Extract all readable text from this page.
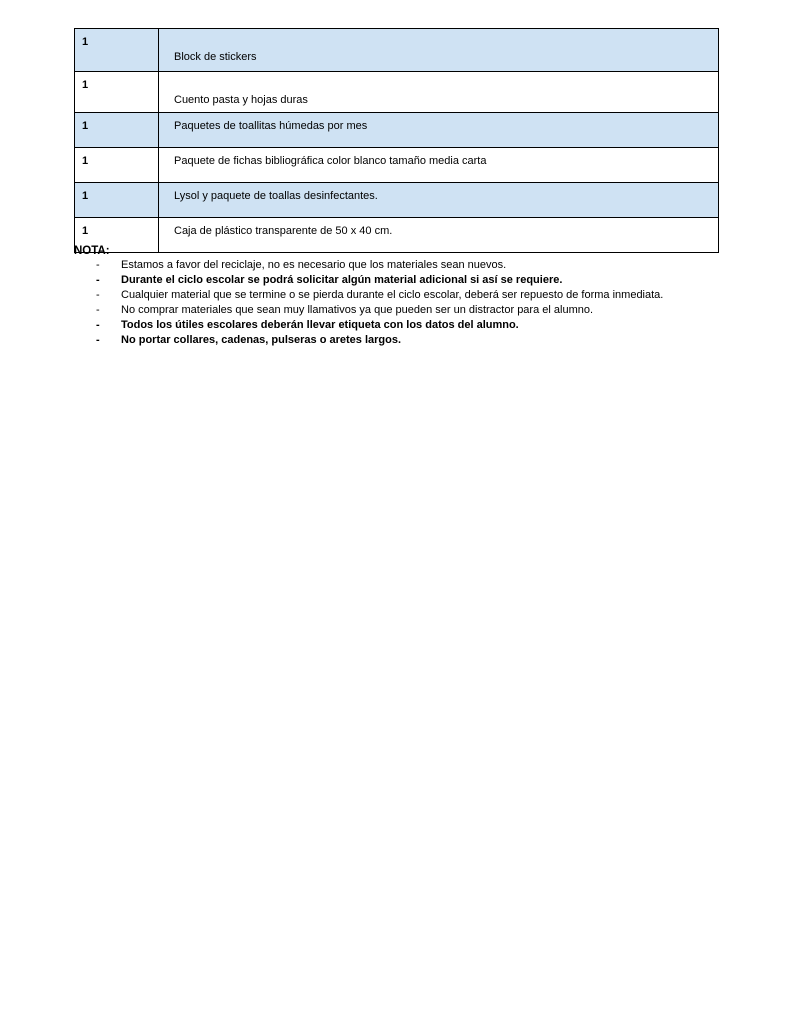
1	Block de stickers
1	Cuento pasta y hojas duras
1	Paquetes de toallitas húmedas por mes
1	Paquete de fichas bibliográfica color blanco tamaño media carta
1	Lysol y paquete de toallas desinfectantes.
1	Caja de plástico transparente de 50 x 40 cm.
NOTA:
- Estamos a favor del reciclaje, no es necesario que los materiales sean nuevos.
- Durante el ciclo escolar se podrá solicitar algún material adicional si así se requiere.
- Cualquier material que se termine o se pierda durante el ciclo escolar, deberá ser repuesto de forma inmediata.
- No comprar materiales que sean muy llamativos ya que pueden ser un distractor para el alumno.
- Todos los útiles escolares deberán llevar etiqueta con los datos del alumno.
- No portar collares, cadenas, pulseras o aretes largos.
